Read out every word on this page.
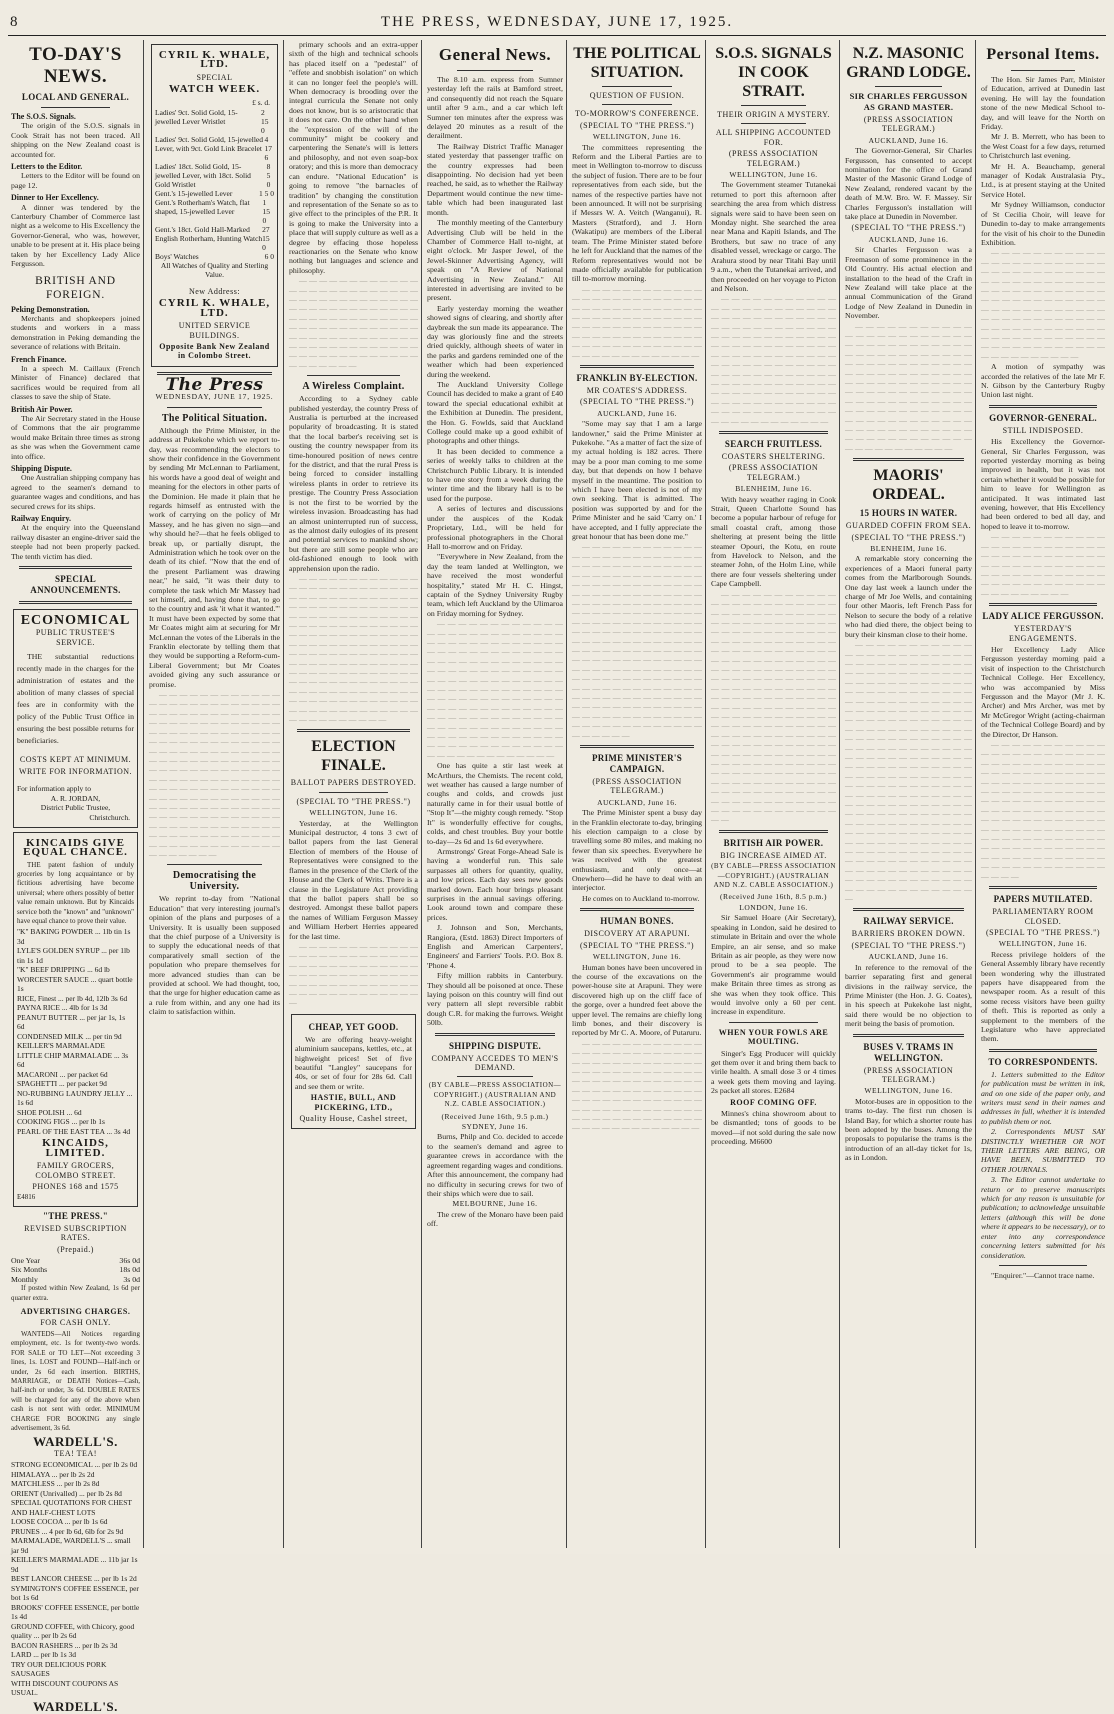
8	THE PRESS, WEDNESDAY, JUNE 17, 1925.
TO-DAY'S NEWS.
LOCAL AND GENERAL.
The S.O.S. Signals.
The origin of the S.O.S. signals in Cook Strait has not been traced. All shipping on the New Zealand coast is accounted for.
Letters to the Editor.
Letters to the Editor will be found on page 12.
Dinner to Her Excellency.
A dinner was tendered by the Canterbury Chamber of Commerce last night as a welcome to His Excellency the Governor-General, who was, however, unable to be present at it. His place being taken by her Excellency Lady Alice Fergusson.
BRITISH AND FOREIGN.
Peking Demonstration.
Merchants and shopkeepers joined students and workers in a mass demonstration in Peking demanding the severance of relations with Britain.
French Finance.
In a speech M. Caillaux (French Minister of Finance) declared that sacrifices would be required from all classes to save the ship of State.
British Air Power.
The Air Secretary stated in the House of Commons that the air programme would make Britain three times as strong as she was when the Government came into office.
Shipping Dispute.
One Australian shipping company has agreed to the seamen's demand to guarantee wages and conditions, and has secured crews for its ships.
Railway Enquiry.
At the enquiry into the Queensland railway disaster an engine-driver said the steeple had not been properly packed. The tenth victim has died.
SPECIAL ANNOUNCEMENTS.
ECONOMICAL
PUBLIC TRUSTEE'S SERVICE.
THE substantial reductions recently made in the charges for the administration of estates and the abolition of many classes of special fees are in conformity with the policy of the Public Trust Office in ensuring the best possible returns for beneficiaries.
COSTS KEPT AT MINIMUM.
WRITE FOR INFORMATION.
For information apply to
A. R. JORDAN,
District Public Trustee,
Christchurch.
KINCAIDS GIVE EQUAL CHANCE.
THE patent fashion of unduly groceries by long acquaintance or by fictitious advertising have become universal; where others possibly of better value remain unknown. But by Kincaids service both the "known" and "unknown" have equal chance to prove their value.
"K" BAKING POWDER ... 1lb tin 1s 3d
LYLE'S GOLDEN SYRUP ... per 1lb tin 1s 1d
"K" BEEF DRIPPING ... 6d lb
WORCESTER SAUCE ... quart bottle 1s
RICE, Finest ... per lb 4d, 12lb 3s 6d
PAYNA RICE ... 4lb for 1s 3d
PEANUT BUTTER ... per jar 1s, 1s 6d
CONDENSED MILK ... per tin 9d
KEILLER'S MARMALADE
LITTLE CHIP MARMALADE ... 3s 6d
MACARONI ... per packet 6d
SPAGHETTI ... per packet 9d
NO-RUBBING LAUNDRY JELLY ... 1s 6d
SHOE POLISH ... 6d
COOKING FIGS ... per lb 1s
PEARL OF THE EAST TEA ... 3s 4d
KINCAIDS, LIMITED.
FAMILY GROCERS, COLOMBO STREET.
PHONES 168 and 1575
E4816
"THE PRESS."
REVISED SUBSCRIPTION RATES.
(Prepaid.)
One Year	36s 0d
Six Months	18s 0d
Monthly	3s 0d
If posted within New Zealand, 1s 6d per quarter extra.
ADVERTISING CHARGES.
FOR CASH ONLY.
WANTEDS—All Notices regarding employment, etc. 1s for twenty-two words. FOR SALE or TO LET—Not exceeding 3 lines, 1s. LOST and FOUND—Half-inch or under, 2s 6d each insertion. BIRTHS, MARRIAGE, or DEATH Notices—Cash, half-inch or under, 3s 6d. DOUBLE RATES will be charged for any of the above when cash is not sent with order. MINIMUM CHARGE FOR BOOKING any single advertisement, 3s 6d.
WARDELL'S.
TEA! TEA!
STRONG ECONOMICAL ... per lb 2s 0d
HIMALAYA ... per lb 2s 2d
MATCHLESS ... per lb 2s 8d
ORIENT (Unrivalled) ... per lb 2s 8d
SPECIAL QUOTATIONS FOR CHEST AND HALF-CHEST LOTS
LOOSE COCOA ... per lb 1s 6d
PRUNES ... 4 per lb 6d, 6lb for 2s 9d
MARMALADE, WARDELL'S ... small jar 9d
KEILLER'S MARMALADE ... 11b jar 1s 9d
BEST LANCOR CHEESE ... per lb 1s 2d
SYMINGTON'S COFFEE ESSENCE, per bot 1s 6d
BROOKS' COFFEE ESSENCE, per bottle 1s 4d
GROUND COFFEE, with Chicory, good quality ... per lb 2s 6d
BACON RASHERS ... per lb 2s 3d
LARD ... per lb 1s 3d
TRY OUR DELICIOUS PORK SAUSAGES
WITH DISCOUNT COUPONS AS USUAL.
WARDELL'S.
CYRIL K. WHALE, LTD.
SPECIAL
WATCH WEEK.
£ s. d.
Ladies' 9ct. Solid Gold, 15-jewelled Lever Wristlet
2 15 0
Ladies' 9ct. Solid Gold, 15-jewelled Lever, with 9ct. Gold Link Bracelet
4 17 6
Ladies' 18ct. Solid Gold, 15-jewelled Lever, with 18ct. Solid Gold Wristlet
8 5 0
Gent.'s 15-jewelled Lever	1 5 0
Gent.'s Rotherham's Watch, flat shaped, 15-jewelled Lever
1 15 0
Gent.'s 18ct. Gold Hall-Marked English Rotherham, Hunting Watch
27 15 0
Boys' Watches	6 0
All Watches of Quality and Sterling Value.
New Address:
CYRIL K. WHALE, LTD.
UNITED SERVICE BUILDINGS.
Opposite Bank New Zealand in Colombo Street.
The Press
WEDNESDAY, JUNE 17, 1925.
The Political Situation.
Although the Prime Minister, in the address at Pukekohe which we report to-day, was recommending the electors to show their confidence in the Government by sending Mr McLennan to Parliament, his words have a good deal of weight and meaning for the electors in other parts of the Dominion. He made it plain that he regards himself as entrusted with the work of carrying on the policy of Mr Massey, and he has given no sign—and why should he?—that he feels obliged to break up, or partially disrupt, the Administration which he took over on the death of its chief. "Now that the end of the present Parliament was drawing near," he said, "it was their duty to complete the task which Mr Massey had set himself, and, having done that, to go to the country and ask 'it what it wanted.'" It must have been expected by some that Mr Coates might aim at securing for Mr McLennan the votes of the Liberals in the Franklin electorate by telling them that they would be supporting a Reform-cum-Liberal Government; but Mr Coates avoided giving any such assurance or promise.
— — — — — — — — — — — — — — — — — — — — — — — — — — — — — — — — — — — — — — — — — — — — — — — — — — — — — — — — — — — — — — — — — — — — — — — — — — — — — — — — — — — — — — — — — — — — — — — — — — — — — — — — — — — — — — — — — — — — — — — — — — — — — — — — — — — — — — — — — — — — — — — — — — — — — — — — — — — — — — — — — — — — — — — — — — — — — — — — — — — — — — — — — — — — — — — — — — — — — — — — — — — — — — — — — — — — — — — — — — — — — — — — — — —
Democratising the University.
We reprint to-day from "National Education" that very interesting journal's opinion of the plans and purposes of a University. It is usually been supposed that the chief purpose of a University is to supply the educational needs of that comparatively small section of the population who prepare themselves for more advanced studies than can be provided at school. We had thought, too, that the urge for higher education came as a rule from within, and any one had its claim to satisfaction within.
primary schools and an extra-upper sixth of the high and technical schools has placed itself on a "pedestal" of "effete and snobbish isolation" on which it can no longer feel the people's will. When democracy is brooding over the integral curricula the Senate not only does not know, but is so aristocratic that it does not care. On the other hand when the "expression of the will of the community" might be cookery and carpentering the Senate's will is letters and philosophy, and not even soap-box oratory; and this is more than democracy can endure. "National Education" is going to remove "the barnacles of tradition" by changing the constitution and representation of the Senate so as to give effect to the principles of the P.R. It is going to make the University into a place that will supply culture as well as a degree by effacing those hopeless reactionaries on the Senate who know nothing but languages and science and philosophy.
— — — — — — — — — — — — — — — — — — — — — — — — — — — — — — — — — — — — — — — — — — — — — — — — — — — — — — — — — — — — — — — — — — — — — — — — — — — — — — — — — — — — — — — — — — — — — — — — — — — — — — — — — — — — — — — — — — — — — — — — — — —
A Wireless Complaint.
According to a Sydney cable published yesterday, the country Press of Australia is perturbed at the increased popularity of broadcasting. It is stated that the local barber's receiving set is ousting the country newspaper from its time-honoured position of news centre for the district, and that the rural Press is being forced to consider installing wireless plants in order to retrieve its prestige. The Country Press Association is not the first to be worried by the wireless invasion. Broadcasting has had an almost uninterrupted run of success, as the almost daily eulogies of its present and potential services to mankind show; but there are still some people who are old-fashioned enough to look with apprehension upon the radio.
— — — — — — — — — — — — — — — — — — — — — — — — — — — — — — — — — — — — — — — — — — — — — — — — — — — — — — — — — — — — — — — — — — — — — — — — — — — — — — — — — — — — — — — — — — — — — — — — — — — — — — — — — — — — — — — — — — — — — — — — — — — — — — — — — — — — — — — — — — — — — — — — — — — — — — — — — — — — — — — — — — — — — — — — — — — — — — — — — — — — — — — — — — — — — — — — — — — — — — — — — — — —
ELECTION FINALE.
BALLOT PAPERS DESTROYED.
(SPECIAL TO "THE PRESS.")
WELLINGTON, June 16.
Yesterday, at the Wellington Municipal destructor, 4 tons 3 cwt of ballot papers from the last General Election of members of the House of Representatives were consigned to the flames in the presence of the Clerk of the House and the Clerk of Writs. There is a clause in the Legislature Act providing that the ballot papers shall be so destroyed. Amongst these ballot papers the names of William Ferguson Massey and William Herbert Herries appeared for the last time.
— — — — — — — — — — — — — — — — — — — — — — — — — — — — — — — — — — — — — — — — — — — — — — — — — — — — — — — — — — — — — — — — — — — — — — — — — — — — — —
CHEAP, YET GOOD.
We are offering heavy-weight aluminium saucepans, kettles, etc., at highweight prices! Set of five beautiful "Langley" saucepans for 40s, or set of four for 28s 6d. Call and see them or write.
HASTIE, BULL, AND PICKERING, LTD.,
Quality House, Cashel street,
General News.
The 8.10 a.m. express from Sumner yesterday left the rails at Bamford street, and consequently did not reach the Square until after 9 a.m., and a car which left Sumner ten minutes after the express was delayed 20 minutes as a result of the derailment.
The Railway District Traffic Manager stated yesterday that passenger traffic on the country expresses had been disappointing. No decision had yet been reached, he said, as to whether the Railway Department would continue the new time-table which had been inaugurated last month.
The monthly meeting of the Canterbury Advertising Club will be held in the Chamber of Commerce Hall to-night, at eight o'clock. Mr Jasper Jewel, of the Jewel-Skinner Advertising Agency, will speak on "A Review of National Advertising in New Zealand." All interested in advertising are invited to be present.
Early yesterday morning the weather showed signs of clearing, and shortly after daybreak the sun made its appearance. The day was gloriously fine and the streets dried quickly, although sheets of water in the parks and gardens reminded one of the weather which had been experienced during the weekend.
The Auckland University College Council has decided to make a grant of £40 toward the special educational exhibit at the Exhibition at Dunedin. The president, the Hon. G. Fowlds, said that Auckland College could make up a good exhibit of photographs and other things.
It has been decided to commence a series of weekly talks to children at the Christchurch Public Library. It is intended to have one story from a week during the winter time and the library hall is to be used for the purpose.
A series of lectures and discussions under the auspices of the Kodak Proprietary, Ltd., will be held for professional photographers in the Choral Hall to-morrow and on Friday.
"Everywhere in New Zealand, from the day the team landed at Wellington, we have received the most wonderful hospitality," stated Mr H. C. Hingst, captain of the Sydney University Rugby team, which left Auckland by the Ulimaroa on Friday morning for Sydney.
— — — — — — — — — — — — — — — — — — — — — — — — — — — — — — — — — — — — — — — — — — — — — — — — — — — — — — — — — — — — — — — — — — — — — — — — — — — — — — — — — — — — — — — — — — — — — — — — — — — — — — — — — — — — — — — — — — — — — — — — — — — — — — — — — — — — — — — — — — — — — — — — — — — — — — — — — — — — — — — — — — — — — — — — — — — — — — — — — — — — — — — — — — — — — — — — — —
One has quite a stir last week at McArthurs, the Chemists. The recent cold, wet weather has caused a large number of coughs and colds, and crowds just naturally came in for their usual bottle of "Stop It"—the mighty cough remedy. "Stop It" is wonderfully effective for coughs, colds, and chest troubles. Buy your bottle to-day—2s 6d and 1s 6d everywhere.
Armstrongs' Great Forge-Ahead Sale is having a wonderful run. This sale surpasses all others for quantity, quality, and low prices. Each day sees new goods marked down. Each hour brings pleasant surprises in the annual savings offering. Look around town and compare these prices.
J. Johnson and Son, Merchants, Rangiora, (Estd. 1863) Direct Importers of English and American Carpenters', Engineers' and Farriers' Tools. P.O. Box 8. 'Phone 4.
Fifty million rabbits in Canterbury. They should all be poisoned at once. These laying poison on this country will find out very pattern all slept reversible rabbit dough C.R. for making the furrows. Weight 50lb.
SHIPPING DISPUTE.
COMPANY ACCEDES TO MEN'S DEMAND.
(BY CABLE—PRESS ASSOCIATION—COPYRIGHT.) (AUSTRALIAN AND N.Z. CABLE ASSOCIATION.)
(Received June 16th, 9.5 p.m.)
SYDNEY, June 16.
Burns, Philp and Co. decided to accede to the seamen's demand and agree to guarantee crews in accordance with the agreement regarding wages and conditions. After this announcement, the company had no difficulty in securing crews for two of their ships which were due to sail.
MELBOURNE, June 16.
The crew of the Monaro have been paid off.
THE POLITICAL SITUATION.
QUESTION OF FUSION.
TO-MORROW'S CONFERENCE.
(SPECIAL TO "THE PRESS.")
WELLINGTON, June 16.
The committees representing the Reform and the Liberal Parties are to meet in Wellington to-morrow to discuss the subject of fusion. There are to be four representatives from each side, but the names of the respective parties have not been announced. It will not be surprising if Messrs W. A. Veitch (Wanganui), R. Masters (Stratford), and J. Horn (Wakatipu) are members of the Liberal team. The Prime Minister stated before he left for Auckland that the names of the Reform representatives would not be made officially available for publication till to-morrow morning.
— — — — — — — — — — — — — — — — — — — — — — — — — — — — — — — — — — — — — — — — — — — — — — — — — — — — — — — — — — — — — — — — — — — — — — — — — — — — — — — — — — — — — — — — — — — — — — — — — — — — — — —
FRANKLIN BY-ELECTION.
MR COATES'S ADDRESS.
(SPECIAL TO "THE PRESS.")
AUCKLAND, June 16.
"Some may say that I am a large landowner," said the Prime Minister at Pukekohe. "As a matter of fact the size of my actual holding is 182 acres. There may be a poor man coming to me some day, but that depends on how I behave myself in the meantime. The position to which I have been elected is not of my own seeking. That is admitted. The position was supported by and for the Prime Minister and he said 'Carry on.' I have accepted, and I fully appreciate the great honour that has been done me."
— — — — — — — — — — — — — — — — — — — — — — — — — — — — — — — — — — — — — — — — — — — — — — — — — — — — — — — — — — — — — — — — — — — — — — — — — — — — — — — — — — — — — — — — — — — — — — — — — — — — — — — — — — — — — — — — — — — — — — — — — — — — — — — — — — — — — — — — — — — — — — — — — — — — — — — — — — — — — — — — — — — — — — — — — — — — — — — — — — — — — — — — — — — — — — — — — — — — — — — — — — — — — — — — — — — — — — — — — — — — — — — — — — — — — — — — — — — — — — — — — — — — — — — — — — — — — — — — — — — — — — — — —
PRIME MINISTER'S CAMPAIGN.
(PRESS ASSOCIATION TELEGRAM.)
AUCKLAND, June 16.
The Prime Minister spent a busy day in the Franklin electorate to-day, bringing his election campaign to a close by travelling some 80 miles, and making no fewer than six speeches. Everywhere he was received with the greatest enthusiasm, and only once—at Onewhero—did he have to deal with an interjector.
He comes on to Auckland to-morrow.
HUMAN BONES.
DISCOVERY AT ARAPUNI.
(SPECIAL TO "THE PRESS.")
WELLINGTON, June 16.
Human bones have been uncovered in the course of the excavations on the power-house site at Arapuni. They were discovered high up on the cliff face of the gorge, over a hundred feet above the upper level. The remains are chiefly long limb bones, and their discovery is reported by Mr C. A. Moore, of Putaruru.
— — — — — — — — — — — — — — — — — — — — — — — — — — — — — — — — — — — — — — — — — — — — — — — — — — — — — — — — — — — — — — — — — — — — — — — — — — — — — — — — — — — — — — — — — — — — — — — — — — — — — — — — — — — — — — — — — — — — — — — — — — — — — — — — —
S.O.S. SIGNALS IN COOK STRAIT.
THEIR ORIGIN A MYSTERY.
ALL SHIPPING ACCOUNTED FOR.
(PRESS ASSOCIATION TELEGRAM.)
WELLINGTON, June 16.
The Government steamer Tutanekai returned to port this afternoon after searching the area from which distress signals were said to have been seen on Monday night. She searched the area near Mana and Kapiti Islands, and The Brothers, but saw no trace of any disabled vessel, wreckage or cargo. The Arahura stood by near Titahi Bay until 9 a.m., when the Tutanekai arrived, and then proceeded on her voyage to Picton and Nelson.
— — — — — — — — — — — — — — — — — — — — — — — — — — — — — — — — — — — — — — — — — — — — — — — — — — — — — — — — — — — — — — — — — — — — — — — — — — — — — — — — — — — — — — — — — — — — — — — — — — — — — — — — — — — — — — — — — — — — — — — — — — — — — — — — — — — — — — — — — — — — — — — — — — — — — — — — — — — — — — — — — — — — — — —
SEARCH FRUITLESS.
COASTERS SHELTERING.
(PRESS ASSOCIATION TELEGRAM.)
BLENHEIM, June 16.
With heavy weather raging in Cook Strait, Queen Charlotte Sound has become a popular harbour of refuge for small coastal craft, among those sheltering at present being the little steamer Opouri, the Kotu, en route from Havelock to Nelson, and the steamer John, of the Holm Line, while there are four vessels sheltering under Cape Campbell.
— — — — — — — — — — — — — — — — — — — — — — — — — — — — — — — — — — — — — — — — — — — — — — — — — — — — — — — — — — — — — — — — — — — — — — — — — — — — — — — — — — — — — — — — — — — — — — — — — — — — — — — — — — — — — — — — — — — — — — — — — — — — — — — — — — — — — — — — — — — — — — — — — — — — — — — — — — — — — — — — — — — — — — — — — — — — — — — — — — — — — — — — — — — — — — — — — — — — — — — — — — — — — — — — — — — — — — — — — — — — — — — — — — — — — — — — — — — — — — — — — — — — — — — — — — — — — — — — — — — — — — — — — — — — — — — — — — — — — — — — — — — — — — — — —
BRITISH AIR POWER.
BIG INCREASE AIMED AT.
(BY CABLE—PRESS ASSOCIATION—COPYRIGHT.) (AUSTRALIAN AND N.Z. CABLE ASSOCIATION.)
(Received June 16th, 8.5 p.m.)
LONDON, June 16.
Sir Samuel Hoare (Air Secretary), speaking in London, said he desired to stimulate in Britain and over the whole Empire, an air sense, and so make Britain as air people, as they were now proud to be a sea people. The Government's air programme would make Britain three times as strong as she was when they took office. This would involve only a 60 per cent. increase in expenditure.
WHEN YOUR FOWLS ARE MOULTING.
Singer's Egg Producer will quickly get them over it and bring them back to virile health. A small dose 3 or 4 times a week gets them moving and laying. 2s packet all stores. E2684
ROOF COMING OFF.
Minnes's china showroom about to be dismantled; tons of goods to be moved—if not sold during the sale now proceeding. M6600
N.Z. MASONIC GRAND LODGE.
SIR CHARLES FERGUSSON AS GRAND MASTER.
(PRESS ASSOCIATION TELEGRAM.)
AUCKLAND, June 16.
The Governor-General, Sir Charles Fergusson, has consented to accept nomination for the office of Grand Master of the Masonic Grand Lodge of New Zealand, rendered vacant by the death of M.W. Bro. W. F. Massey. Sir Charles Fergusson's installation will take place at Dunedin in November.
(SPECIAL TO "THE PRESS.")
AUCKLAND, June 16.
Sir Charles Fergusson was a Freemason of some prominence in the Old Country. His actual election and installation to the head of the Craft in New Zealand will take place at the annual Communication of the Grand Lodge of New Zealand in Dunedin in November.
— — — — — — — — — — — — — — — — — — — — — — — — — — — — — — — — — — — — — — — — — — — — — — — — — — — — — — — — — — — — — — — — — — — — — — — — — — — — — — — — — — — — — — — — — — — — — — — — — — — — — — — — — — — — — — — — — — — — — — — — — — — — — — — — — — — — — — — — — — — — — — — — — — — — — — — — — — — — — — — — — — — — — —
MAORIS' ORDEAL.
15 HOURS IN WATER.
GUARDED COFFIN FROM SEA.
(SPECIAL TO "THE PRESS.")
BLENHEIM, June 16.
A remarkable story concerning the experiences of a Maori funeral party comes from the Marlborough Sounds. One day last week a launch under the charge of Mr Joe Wells, and containing four other Maoris, left French Pass for Nelson to secure the body of a relative who had died there, the object being to bury their kinsman close to their home.
— — — — — — — — — — — — — — — — — — — — — — — — — — — — — — — — — — — — — — — — — — — — — — — — — — — — — — — — — — — — — — — — — — — — — — — — — — — — — — — — — — — — — — — — — — — — — — — — — — — — — — — — — — — — — — — — — — — — — — — — — — — — — — — — — — — — — — — — — — — — — — — — — — — — — — — — — — — — — — — — — — — — — — — — — — — — — — — — — — — — — — — — — — — — — — — — — — — — — — — — — — — — — — — — — — — — — — — — — — — — — — — — — — — — — — — — — — — — — — — — — — — — — — — — — — — — — — — — — — — — — — — — — — — — — — — — — — — — — — — — — — — — — — — — — — — — — — — — — — — — — — — — — — — — — — — — — — — — — — — — — — — —
RAILWAY SERVICE.
BARRIERS BROKEN DOWN.
(SPECIAL TO "THE PRESS.")
AUCKLAND, June 16.
In reference to the removal of the barrier separating first and general divisions in the railway service, the Prime Minister (the Hon. J. G. Coates), in his speech at Pukekohe last night, said there would be no objection to merit being the basis of promotion.
BUSES V. TRAMS IN WELLINGTON.
(PRESS ASSOCIATION TELEGRAM.)
WELLINGTON, June 16.
Motor-buses are in opposition to the trams to-day. The first run chosen is Island Bay, for which a shorter route has been adopted by the buses. Among the proposals to popularise the trams is the introduction of an all-day ticket for 1s, as in London.
Personal Items.
The Hon. Sir James Parr, Minister of Education, arrived at Dunedin last evening. He will lay the foundation stone of the new Medical School to-day, and will leave for the North on Friday.
Mr J. B. Merrett, who has been to the West Coast for a few days, returned to Christchurch last evening.
Mr H. A. Beauchamp, general manager of Kodak Australasia Pty., Ltd., is at present staying at the United Service Hotel.
Mr Sydney Williamson, conductor of St Cecilia Choir, will leave for Dunedin to-day to make arrangements for the visit of his choir to the Dunedin Exhibition.
— — — — — — — — — — — — — — — — — — — — — — — — — — — — — — — — — — — — — — — — — — — — — — — — — — — — — — — — — — — — — — — — — — — — — — — — — — — — — — — — — — — — — — — — — — — — — — — — — — — — — — — — — — — — — — — — — — — — — — — — — — — — — — — — — — — — — — — — — — — — —
A motion of sympathy was accorded the relatives of the late Mr F. N. Gibson by the Canterbury Rugby Union last night.
GOVERNOR-GENERAL.
STILL INDISPOSED.
His Excellency the Governor-General, Sir Charles Fergusson, was reported yesterday morning as being improved in health, but it was not certain whether it would be possible for him to leave for Wellington as anticipated. It was intimated last evening, however, that His Excellency had been ordered to bed all day, and hoped to leave it to-morrow.
— — — — — — — — — — — — — — — — — — — — — — — — — — — — — — — — — — — — — — — — — — — — — — — — — — — — — — — — — — — — — — — — — — — — — — — — — — — — — — — —
LADY ALICE FERGUSSON.
YESTERDAY'S ENGAGEMENTS.
Her Excellency Lady Alice Fergusson yesterday morning paid a visit of inspection to the Christchurch Technical College. Her Excellency, who was accompanied by Miss Fergusson and the Mayor (Mr J. K. Archer) and Mrs Archer, was met by Mr McGregor Wright (acting-chairman of the Technical College Board) and by the Director, Dr Hanson.
— — — — — — — — — — — — — — — — — — — — — — — — — — — — — — — — — — — — — — — — — — — — — — — — — — — — — — — — — — — — — — — — — — — — — — — — — — — — — — — — — — — — — — — — — — — — — — — — — — — — — — — — — — — — — — — — — — — — — — — — — — — — — — — — — — — — — — — — — — — — — — — — — — — — — — — — — — — — — — — — — — — — — — — — — — —
PAPERS MUTILATED.
PARLIAMENTARY ROOM CLOSED.
(SPECIAL TO "THE PRESS.")
WELLINGTON, June 16.
Recess privilege holders of the General Assembly library have recently been wondering why the illustrated papers have disappeared from the newspaper room. As a result of this some recess visitors have been guilty of theft. This is reported as only a supplement to the members of the Legislature who have appreciated them.
TO CORRESPONDENTS.
1. Letters submitted to the Editor for publication must be written in ink, and on one side of the paper only, and writers must send in their names and addresses in full, whether it is intended to publish them or not.
2. Correspondents MUST SAY DISTINCTLY WHETHER OR NOT THEIR LETTERS ARE BEING, OR HAVE BEEN, SUBMITTED TO OTHER JOURNALS.
3. The Editor cannot undertake to return or to preserve manuscripts which for any reason is unsuitable for publication; to acknowledge unsuitable letters (although this will be done where it appears to be necessary), or to enter into any correspondence concerning letters submitted for his consideration.
"Enquirer."—Cannot trace name.
